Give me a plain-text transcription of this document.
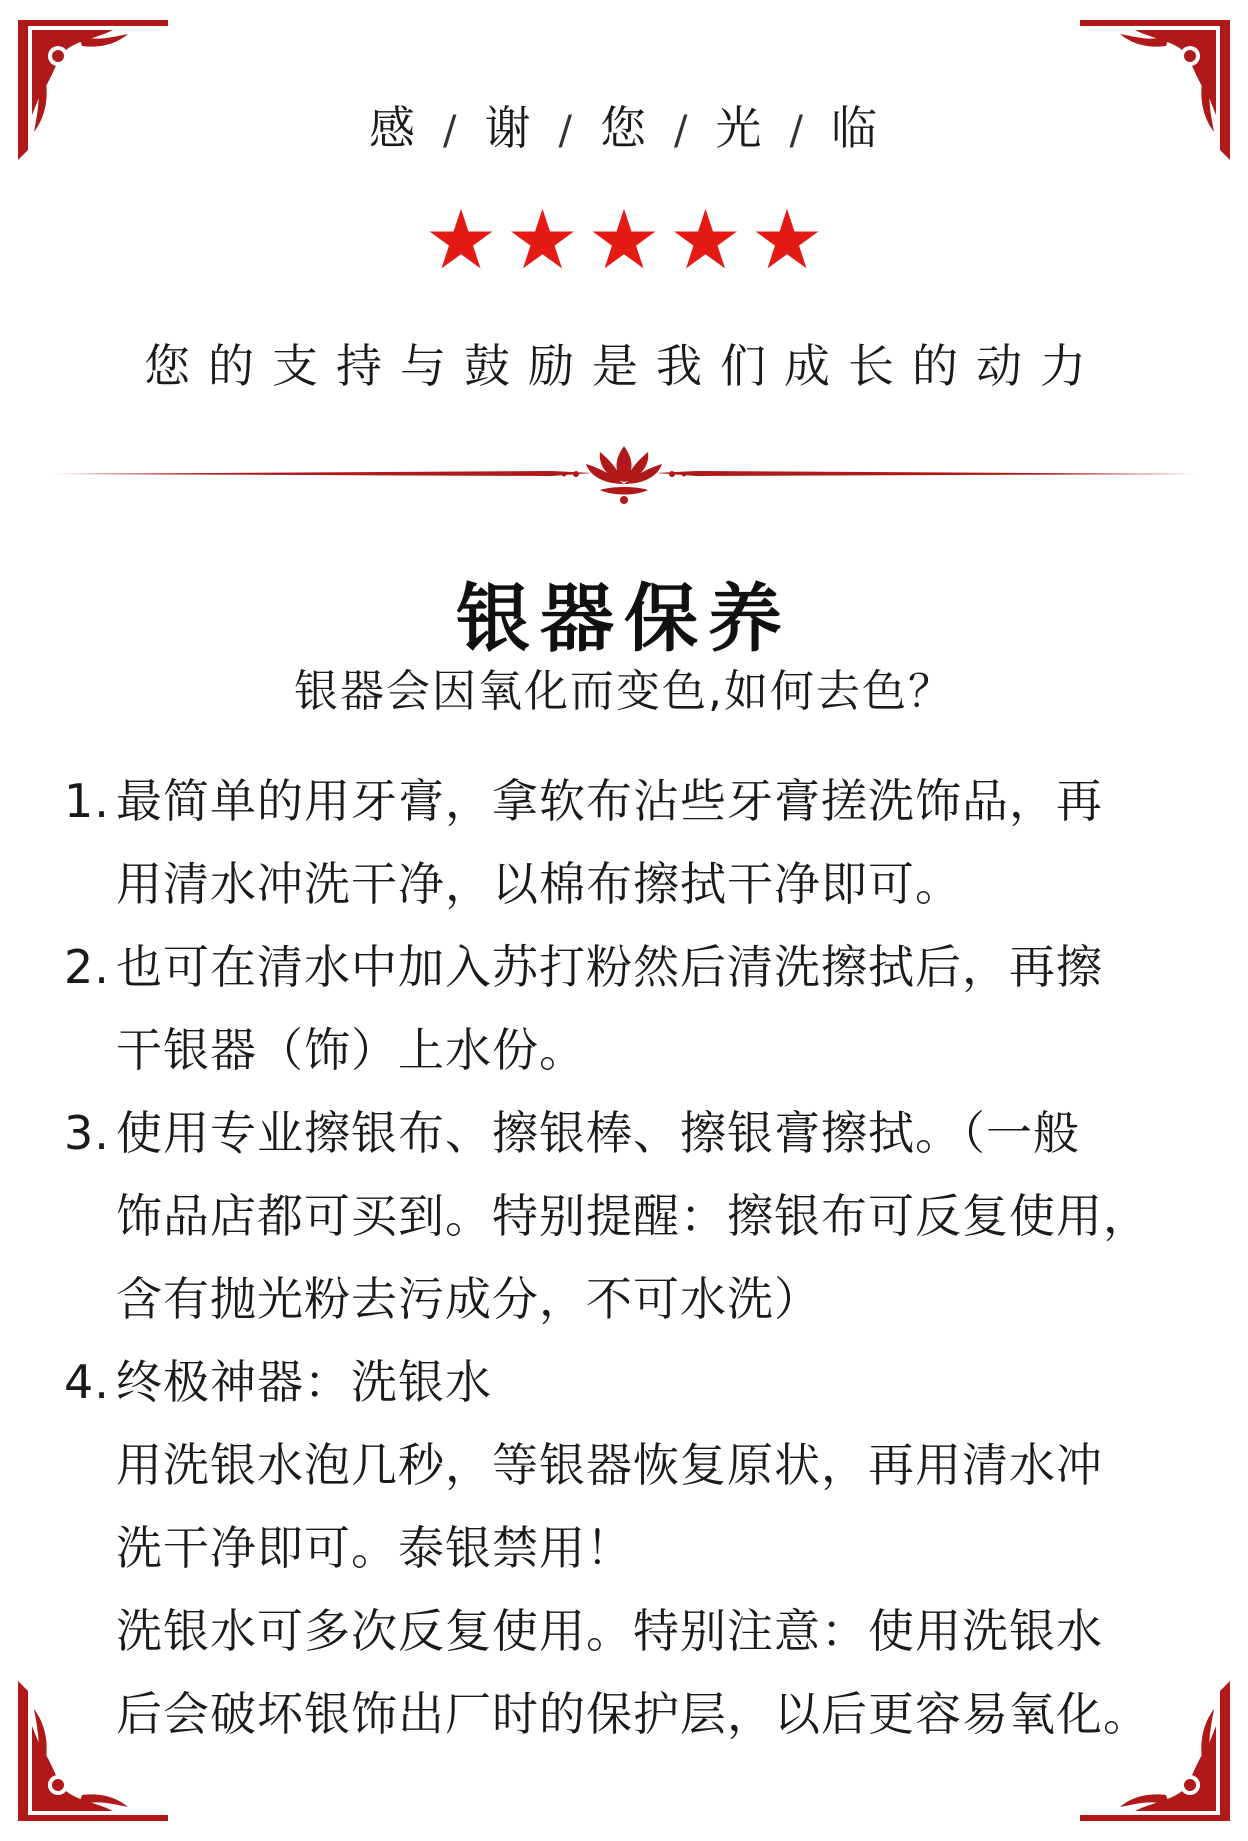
感 / 谢 / 您 / 光 / 临
★★★★★
您的支持与鼓励是我们成长的动力
银器保养
银器会因氧化而变色,如何去色？
1. 最简单的用牙膏，拿软布沾些牙膏搓洗饰品，再
用清水冲洗干净，以棉布擦拭干净即可。
2. 也可在清水中加入苏打粉然后清洗擦拭后，再擦
干银器（饰）上水份。
3. 使用专业擦银布、擦银棒、擦银膏擦拭。（一般
饰品店都可买到。特别提醒：擦银布可反复使用，
含有抛光粉去污成分，不可水洗）
4. 终极神器：洗银水
用洗银水泡几秒，等银器恢复原状，再用清水冲
洗干净即可。泰银禁用！
洗银水可多次反复使用。特别注意：使用洗银水
后会破坏银饰出厂时的保护层，以后更容易氧化。
